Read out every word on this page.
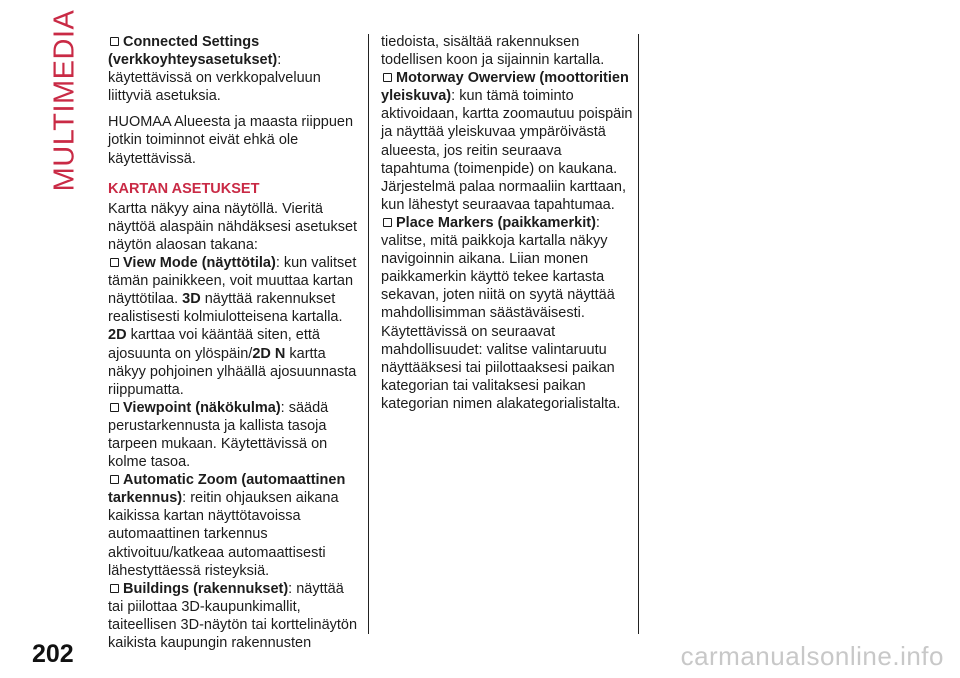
MULTIMEDIA	Connected Settings (verkkoyhteysasetukset): käytettävissä on verkkopalveluun liittyviä asetuksia.

HUOMAA Alueesta ja maasta riippuen jotkin toiminnot eivät ehkä ole käytettävissä.

KARTAN ASETUKSET

Kartta näkyy aina näytöllä. Vieritä näyttöä alaspäin nähdäksesi asetukset näytön alaosan takana:

View Mode (näyttötila): kun valitset tämän painikkeen, voit muuttaa kartan näyttötilaa. 3D näyttää rakennukset realistisesti kolmiulotteisena kartalla. 2D karttaa voi kääntää siten, että ajosuunta on ylöspäin/2D N kartta näkyy pohjoinen ylhäällä ajosuunnasta riippumatta.

Viewpoint (näkökulma): säädä perustarkennusta ja kallista tasoja tarpeen mukaan. Käytettävissä on kolme tasoa.

Automatic Zoom (automaattinen tarkennus): reitin ohjauksen aikana kaikissa kartan näyttötavoissa automaattinen tarkennus aktivoituu/katkeaa automaattisesti lähestyttäessä risteyksiä.

Buildings (rakennukset): näyttää tai piilottaa 3D-kaupunkimallit, taiteellisen 3D-näytön tai korttelinäytön kaikista kaupungin rakennusten

tiedoista, sisältää rakennuksen todellisen koon ja sijainnin kartalla.

Motorway Owerview (moottoritien yleiskuva): kun tämä toiminto aktivoidaan, kartta zoomautuu poispäin ja näyttää yleiskuvaa ympäröivästä alueesta, jos reitin seuraava tapahtuma (toimenpide) on kaukana. Järjestelmä palaa normaaliin karttaan, kun lähestyt seuraavaa tapahtumaa.

Place Markers (paikkamerkit): valitse, mitä paikkoja kartalla näkyy navigoinnin aikana. Liian monen paikkamerkin käyttö tekee kartasta sekavan, joten niitä on syytä näyttää mahdollisimman säästäväisesti. Käytettävissä on seuraavat mahdollisuudet: valitse valintaruutu näyttääksesi tai piilottaaksesi paikan kategorian tai valitaksesi paikan kategorian nimen alakategorialistalta.

202	carmanualsonline.info
